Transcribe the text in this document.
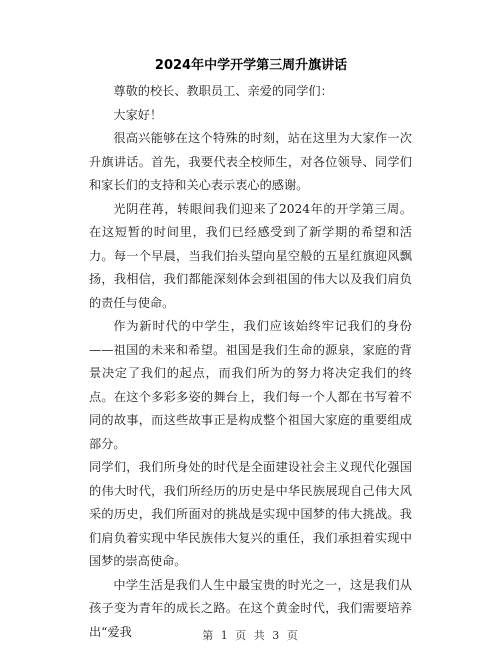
2024年中学开学第三周升旗讲话

尊敬的校长、教职员工、亲爱的同学们：

大家好！

很高兴能够在这个特殊的时刻，站在这里为大家作一次升旗讲话。首先，我要代表全校师生，对各位领导、同学们和家长们的支持和关心表示衷心的感谢。

光阴荏苒，转眼间我们迎来了2024年的开学第三周。在这短暂的时间里，我们已经感受到了新学期的希望和活力。每一个早晨，当我们抬头望向星空般的五星红旗迎风飘扬，我相信，我们都能深刻体会到祖国的伟大以及我们肩负的责任与使命。

作为新时代的中学生，我们应该始终牢记我们的身份——祖国的未来和希望。祖国是我们生命的源泉，家庭的背景决定了我们的起点，而我们所为的努力将决定我们的终点。在这个多彩多姿的舞台上，我们每一个人都在书写着不同的故事，而这些故事正是构成整个祖国大家庭的重要组成部分。

同学们，我们所身处的时代是全面建设社会主义现代化强国的伟大时代，我们所经历的历史是中华民族展现自己伟大风采的历史，我们所面对的挑战是实现中国梦的伟大挑战。我们肩负着实现中华民族伟大复兴的重任，我们承担着实现中国梦的崇高使命。

中学生活是我们人生中最宝贵的时光之一，这是我们从孩子变为青年的成长之路。在这个黄金时代，我们需要培养出“爱我	第 1 页 共 3 页
